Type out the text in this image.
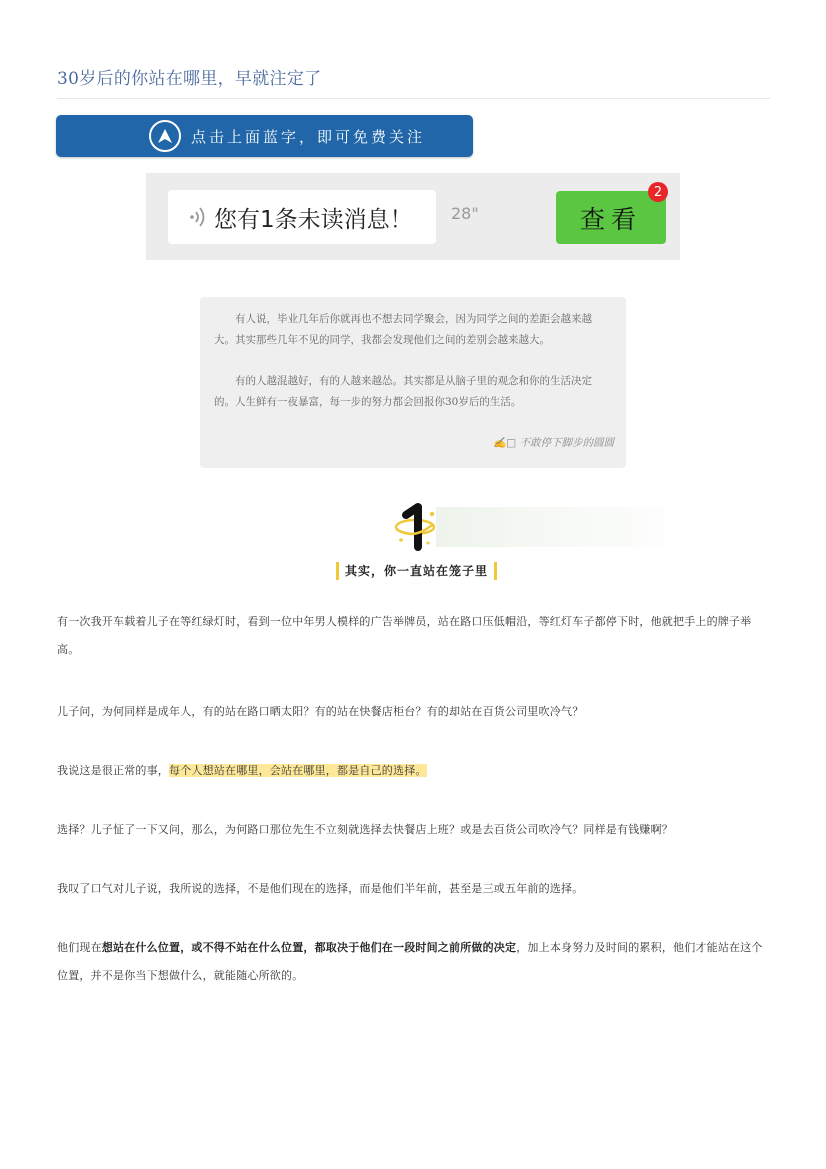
30岁后的你站在哪里，早就注定了
点击上面蓝字，即可免费关注
您有1条未读消息！ 28"	查看
2

有人说，毕业几年后你就再也不想去同学聚会，因为同学之间的差距会越来越大。其实那些几年不见的同学，我都会发现他们之间的差别会越来越大。

有的人越混越好，有的人越来越怂。其实都是从脑子里的观念和你的生活决定的。人生鲜有一夜暴富，每一步的努力都会回报你30岁后的生活。

✍□ 不敢停下脚步的圆圆
其实，你一直站在笼子里
有一次我开车载着儿子在等红绿灯时，看到一位中年男人模样的广告举牌员，站在路口压低帽沿，等红灯车子都停下时，他就把手上的牌子举高。
儿子问，为何同样是成年人，有的站在路口晒太阳？有的站在快餐店柜台？有的却站在百货公司里吹冷气？
我说这是很正常的事，每个人想站在哪里，会站在哪里，都是自己的选择。
选择？儿子怔了一下又问，那么，为何路口那位先生不立刻就选择去快餐店上班？或是去百货公司吹冷气？同样是有钱赚啊？
我叹了口气对儿子说，我所说的选择，不是他们现在的选择，而是他们半年前，甚至是三或五年前的选择。
他们现在想站在什么位置，或不得不站在什么位置，都取决于他们在一段时间之前所做的决定，加上本身努力及时间的累积，他们才能站在这个位置，并不是你当下想做什么，就能随心所欲的。
